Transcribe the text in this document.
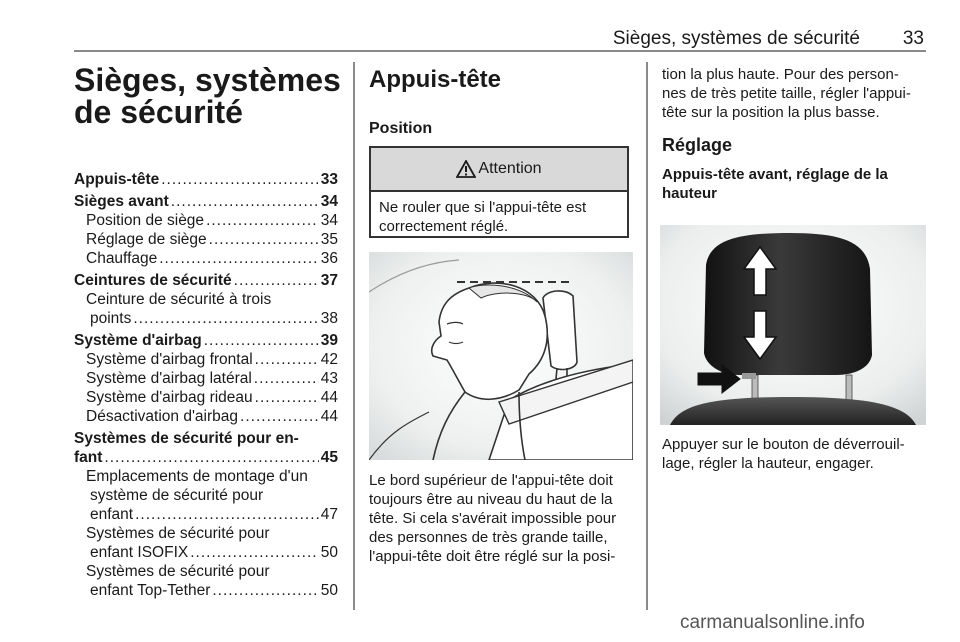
Sièges, systèmes de sécurité	33
Sièges, systèmes
de sécurité
Appuis-tête .....	33
Sièges avant .....	34
Position de siège .....	34
Réglage de siège .....	35
Chauffage .....	36
Ceintures de sécurité .....	37
Ceinture de sécurité à trois
points .....	38
Système d'airbag .....	39
Système d'airbag frontal .....	42
Système d'airbag latéral .....	43
Système d'airbag rideau .....	44
Désactivation d'airbag .....	44
Systèmes de sécurité pour en-
fant .....	45
Emplacements de montage d'un
système de sécurité pour
enfant .....	47
Systèmes de sécurité pour
enfant ISOFIX .....	50
Systèmes de sécurité pour
enfant Top-Tether .....	50
Appuis-tête
Position
Attention
Ne rouler que si l'appui-tête est
correctement réglé.
Le bord supérieur de l'appui-tête doit
toujours être au niveau du haut de la
tête. Si cela s'avérait impossible pour
des personnes de très grande taille,
l'appui-tête doit être réglé sur la posi-
tion la plus haute. Pour des person-
nes de très petite taille, régler l'appui-
tête sur la position la plus basse.
Réglage
Appuis-tête avant, réglage de la
hauteur
Appuyer sur le bouton de déverrouil-
lage, régler la hauteur, engager.
carmanualsonline.info
